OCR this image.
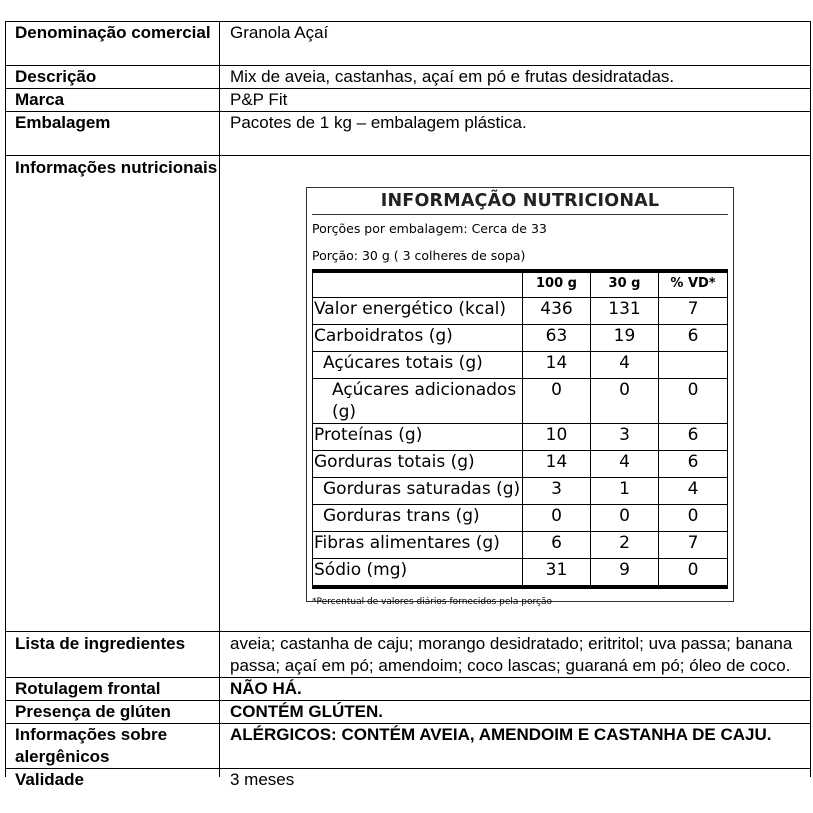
Denominação comercial	Granola Açaí
Descrição	Mix de aveia, castanhas, açaí em pó e frutas desidratadas.
Marca	P&P Fit
Embalagem	Pacotes de 1 kg – embalagem plástica.
Informações nutricionais	
INFORMAÇÃO NUTRICIONAL
Porções por embalagem: Cerca de 33
Porção: 30 g ( 3 colheres de sopa)
	100 g	30 g	% VD*
Valor energético (kcal)	436	131	7
Carboidratos (g)	63	19	6
Açúcares totais (g)	14	4	
Açúcares adicionados (g)	0	0	0
Proteínas (g)	10	3	6
Gorduras totais (g)	14	4	6
Gorduras saturadas (g)	3	1	4
Gorduras trans (g)	0	0	0
Fibras alimentares (g)	6	2	7
Sódio (mg)	31	9	0
*Percentual de valores diários fornecidos pela porção

Lista de ingredientes	aveia; castanha de caju; morango desidratado; eritritol; uva passa; banana passa; açaí em pó; amendoim; coco lascas; guaraná em pó; óleo de coco.
Rotulagem frontal	NÃO HÁ.
Presença de glúten	CONTÉM GLÚTEN.
Informações sobre alergênicos	ALÉRGICOS: CONTÉM AVEIA, AMENDOIM E CASTANHA DE CAJU.

Validade	3 meses
